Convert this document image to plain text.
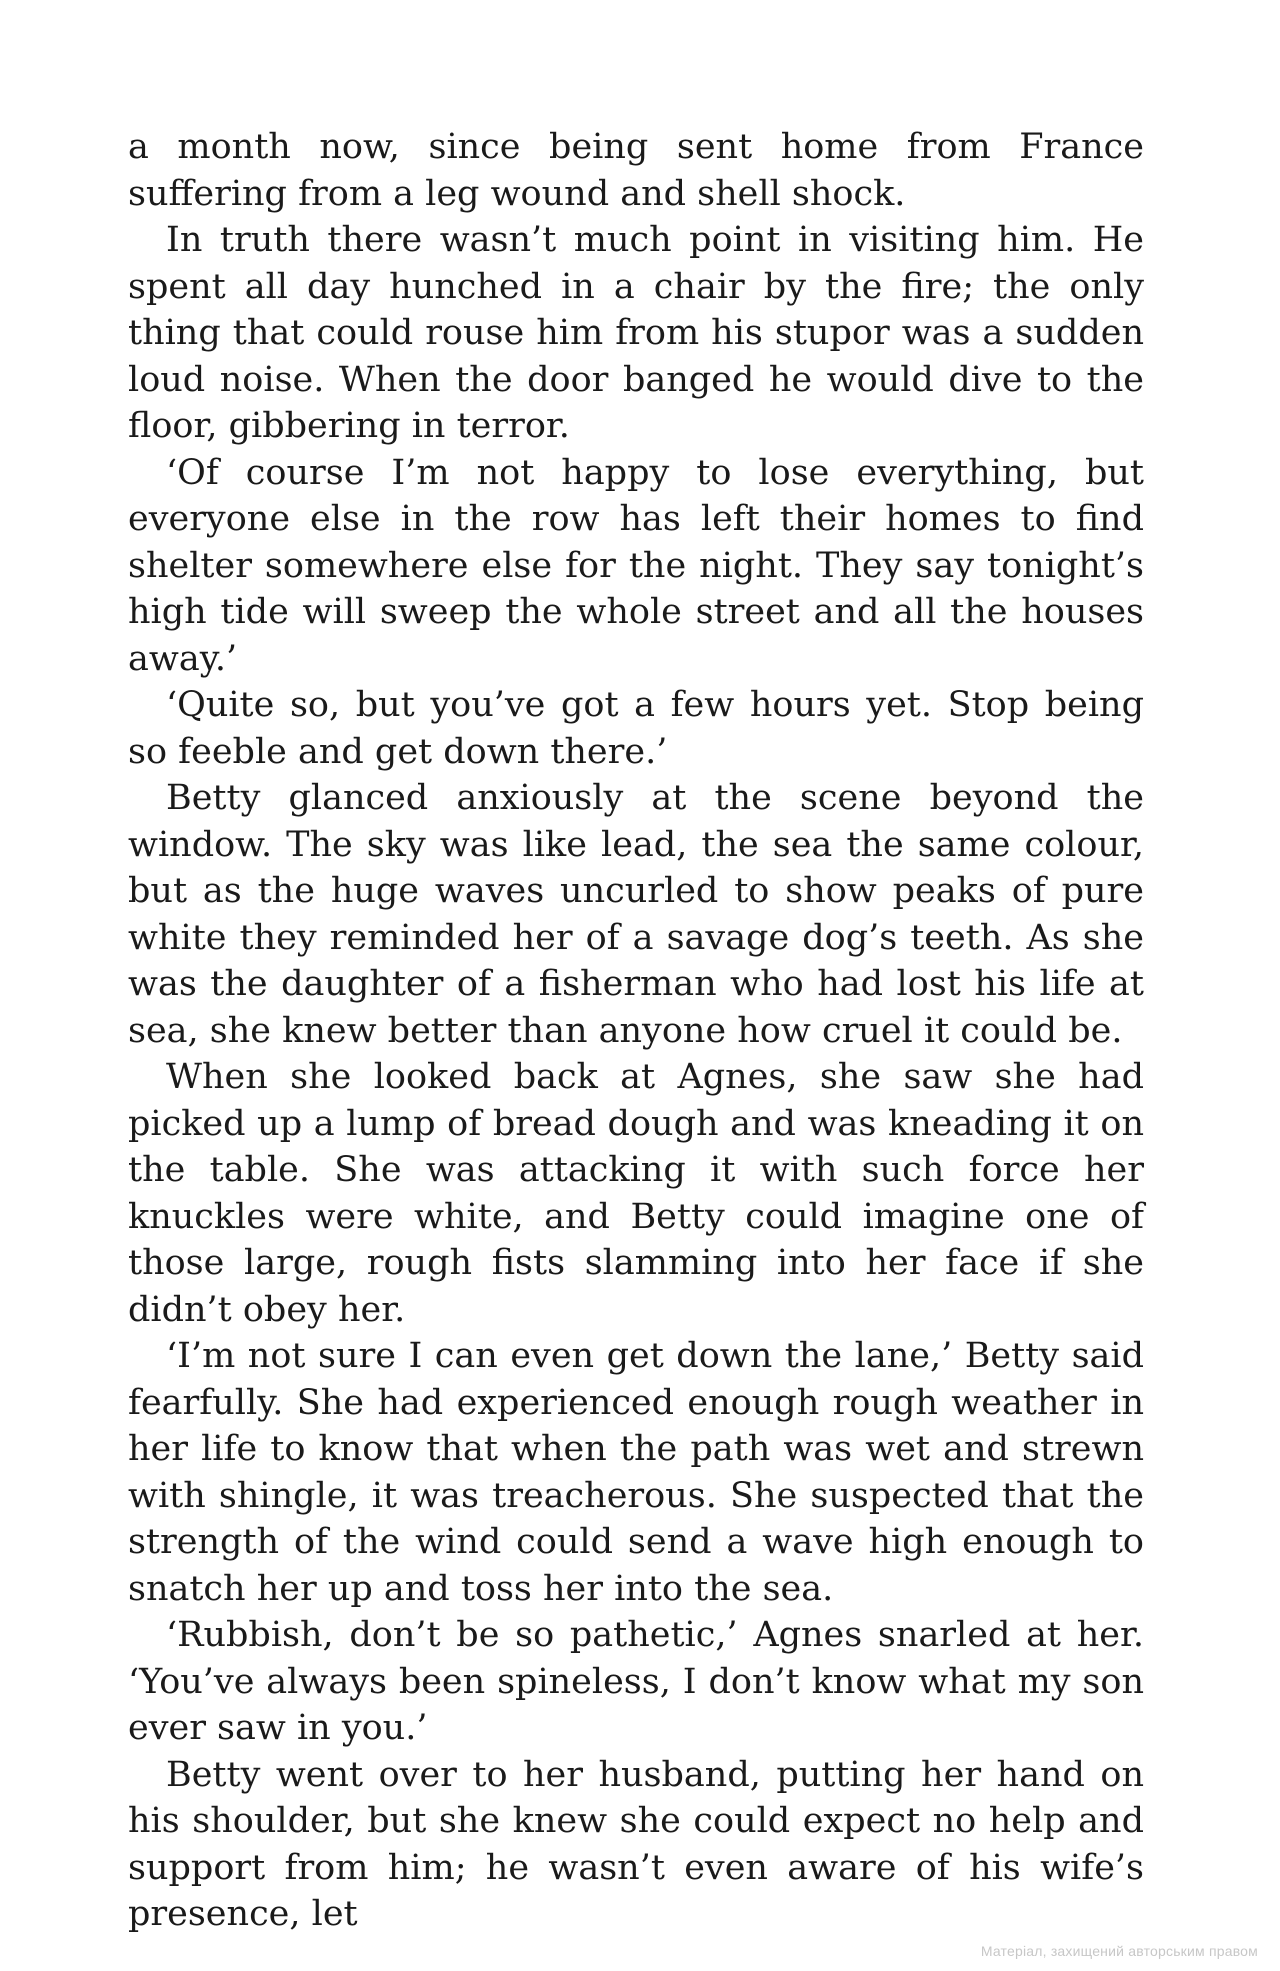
a month now, since being sent home from France suffering from a leg wound and shell shock.

In truth there wasn’t much point in visiting him. He spent all day hunched in a chair by the fire; the only thing that could rouse him from his stupor was a sudden loud noise. When the door banged he would dive to the floor, gibbering in terror.

‘Of course I’m not happy to lose everything, but everyone else in the row has left their homes to find shelter somewhere else for the night. They say tonight’s high tide will sweep the whole street and all the houses away.’

‘Quite so, but you’ve got a few hours yet. Stop being so feeble and get down there.’

Betty glanced anxiously at the scene beyond the window. The sky was like lead, the sea the same colour, but as the huge waves uncurled to show peaks of pure white they reminded her of a savage dog’s teeth. As she was the daughter of a fisherman who had lost his life at sea, she knew better than anyone how cruel it could be.

When she looked back at Agnes, she saw she had picked up a lump of bread dough and was kneading it on the table. She was attacking it with such force her knuckles were white, and Betty could imagine one of those large, rough fists slamming into her face if she didn’t obey her.

‘I’m not sure I can even get down the lane,’ Betty said fearfully. She had experienced enough rough weather in her life to know that when the path was wet and strewn with shingle, it was treacherous. She suspected that the strength of the wind could send a wave high enough to snatch her up and toss her into the sea.

‘Rubbish, don’t be so pathetic,’ Agnes snarled at her. ‘You’ve always been spineless, I don’t know what my son ever saw in you.’

Betty went over to her husband, putting her hand on his shoulder, but she knew she could expect no help and support from him; he wasn’t even aware of his wife’s presence, let

Матеріал, захищений авторським правом
